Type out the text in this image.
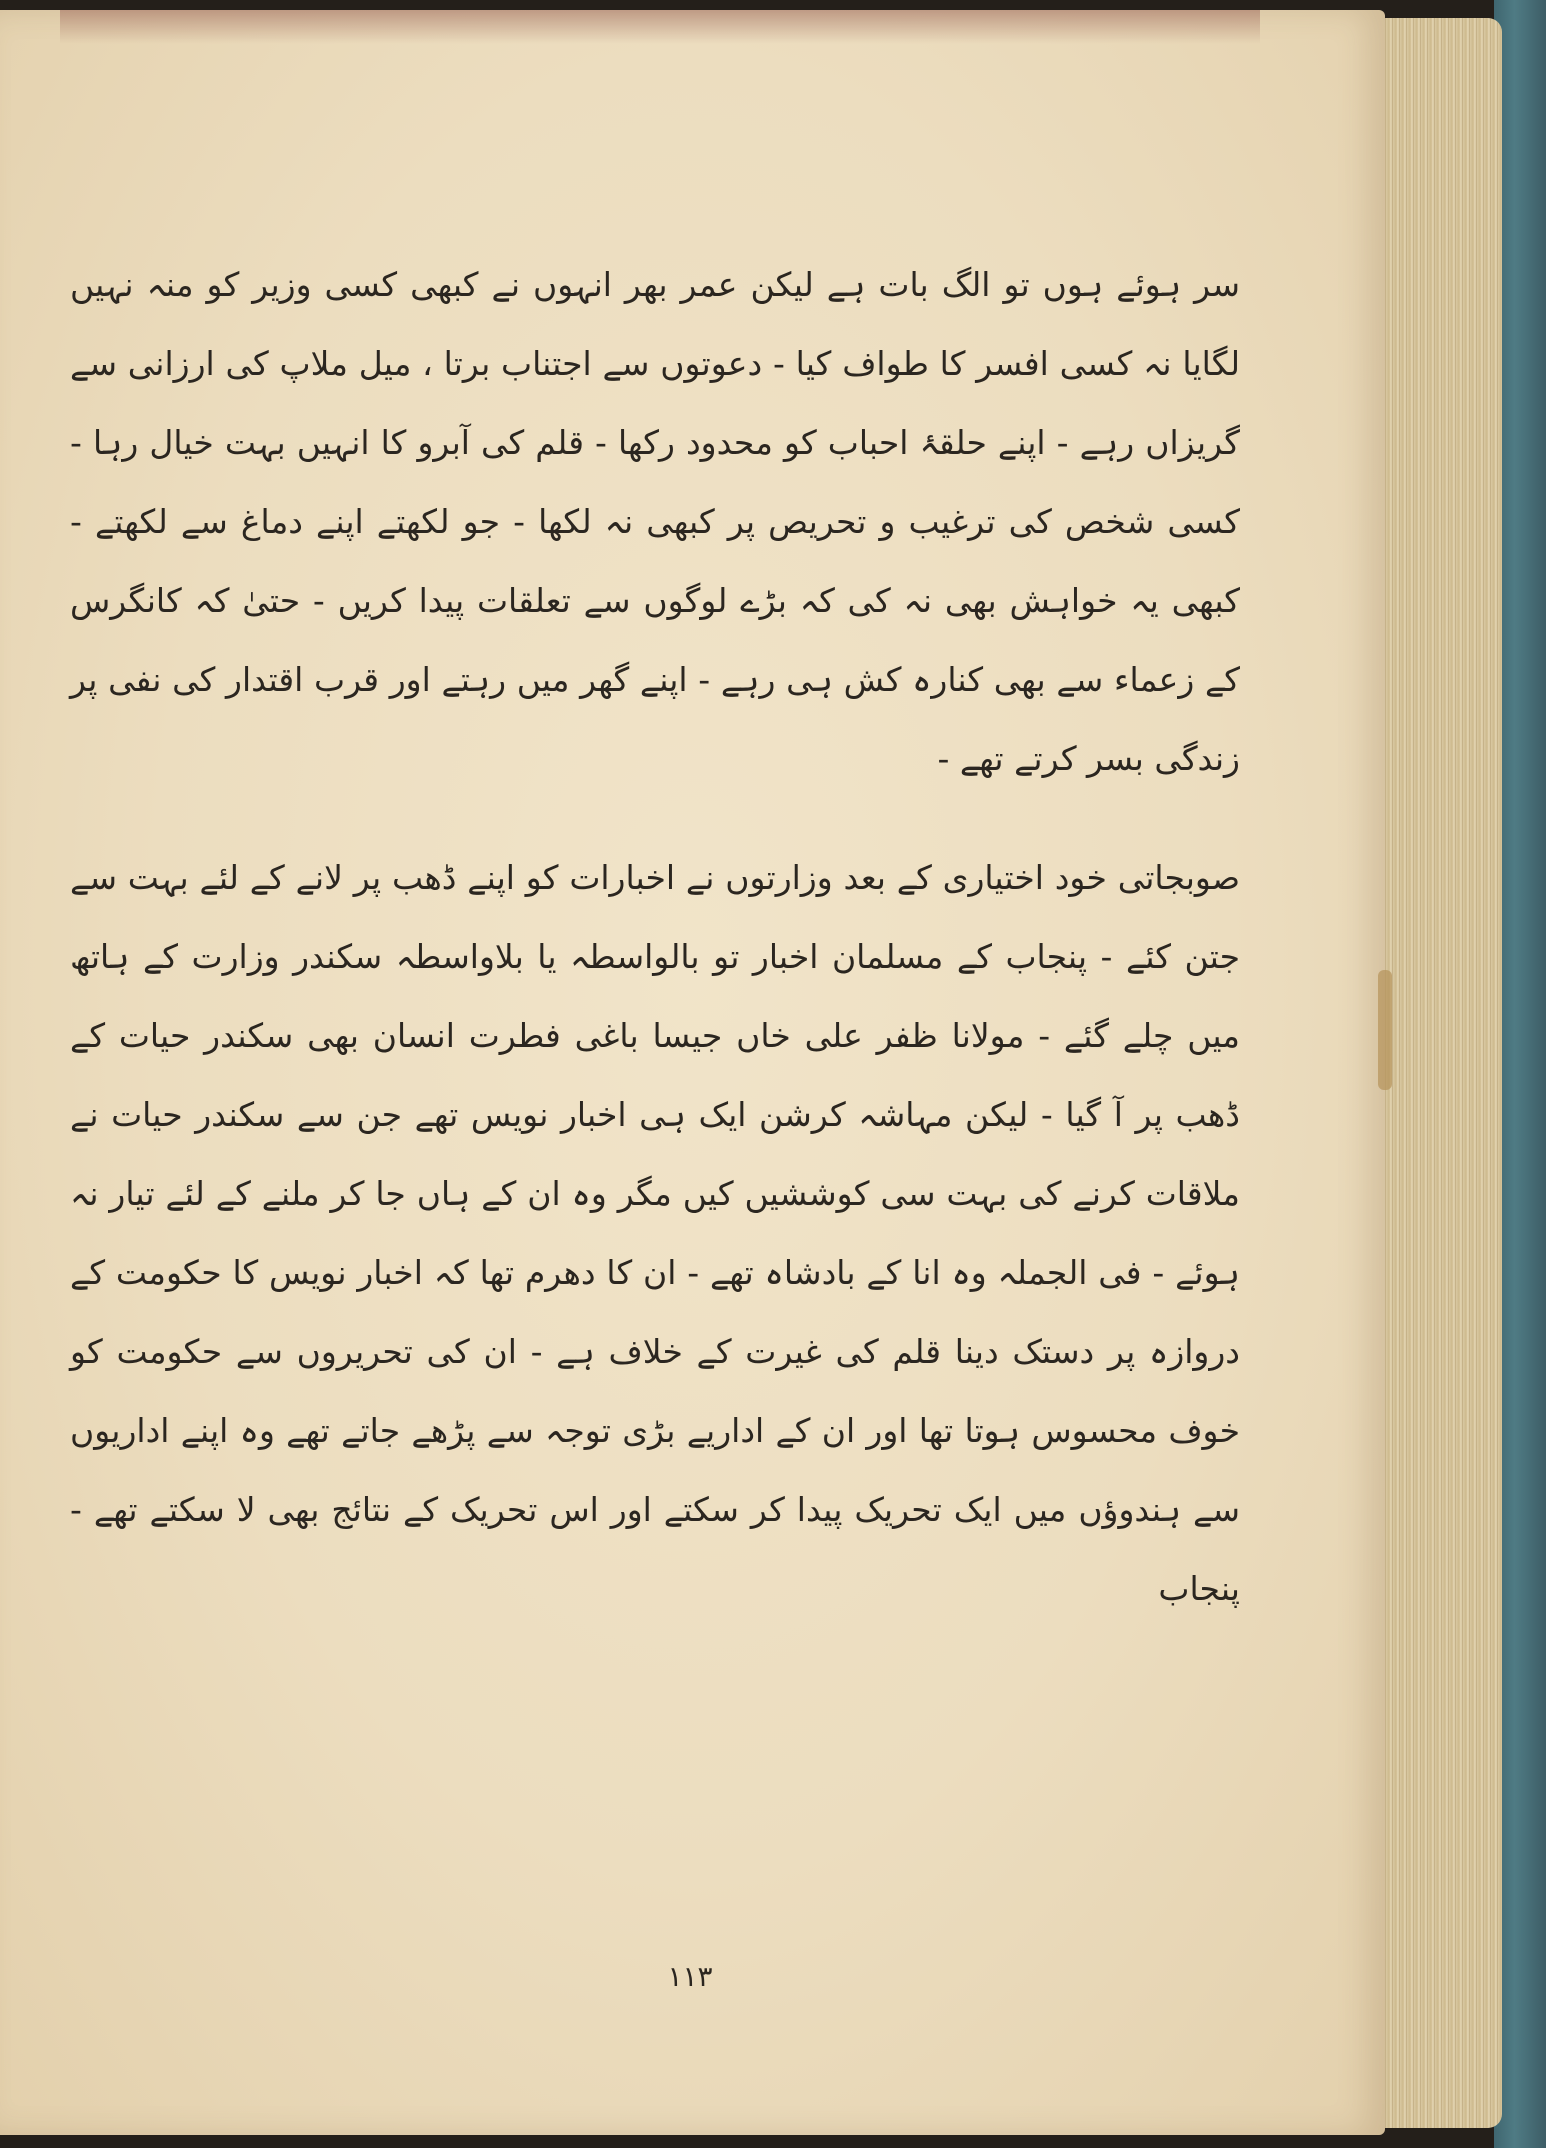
سر ہوئے ہوں تو الگ بات ہے لیکن عمر بھر انہوں نے کبھی کسی وزیر کو منہ نہیں لگایا نہ کسی افسر کا طواف کیا - دعوتوں سے اجتناب برتا ، میل ملاپ کی ارزانی سے گریزاں رہے - اپنے حلقۂ احباب کو محدود رکھا - قلم کی آبرو کا انہیں بہت خیال رہا - کسی شخص کی ترغیب و تحریص پر کبھی نہ لکھا - جو لکھتے اپنے دماغ سے لکھتے - کبھی یہ خواہش بھی نہ کی کہ بڑے لوگوں سے تعلقات پیدا کریں - حتیٰ کہ کانگرس کے زعماء سے بھی کنارہ کش ہی رہے - اپنے گھر میں رہتے اور قرب اقتدار کی نفی پر زندگی بسر کرتے تھے -

صوبجاتی خود اختیاری کے بعد وزارتوں نے اخبارات کو اپنے ڈھب پر لانے کے لئے بہت سے جتن کئے - پنجاب کے مسلمان اخبار تو بالواسطہ یا بلاواسطہ سکندر وزارت کے ہاتھ میں چلے گئے - مولانا ظفر علی خاں جیسا باغی فطرت انسان بھی سکندر حیات کے ڈھب پر آ گیا - لیکن مہاشہ کرشن ایک ہی اخبار نویس تھے جن سے سکندر حیات نے ملاقات کرنے کی بہت سی کوششیں کیں مگر وہ ان کے ہاں جا کر ملنے کے لئے تیار نہ ہوئے - فی الجملہ وہ انا کے بادشاہ تھے - ان کا دھرم تھا کہ اخبار نویس کا حکومت کے دروازہ پر دستک دینا قلم کی غیرت کے خلاف ہے - ان کی تحریروں سے حکومت کو خوف محسوس ہوتا تھا اور ان کے اداریے بڑی توجہ سے پڑھے جاتے تھے وہ اپنے اداریوں سے ہندوؤں میں ایک تحریک پیدا کر سکتے اور اس تحریک کے نتائج بھی لا سکتے تھے - پنجاب

۱۱۳
